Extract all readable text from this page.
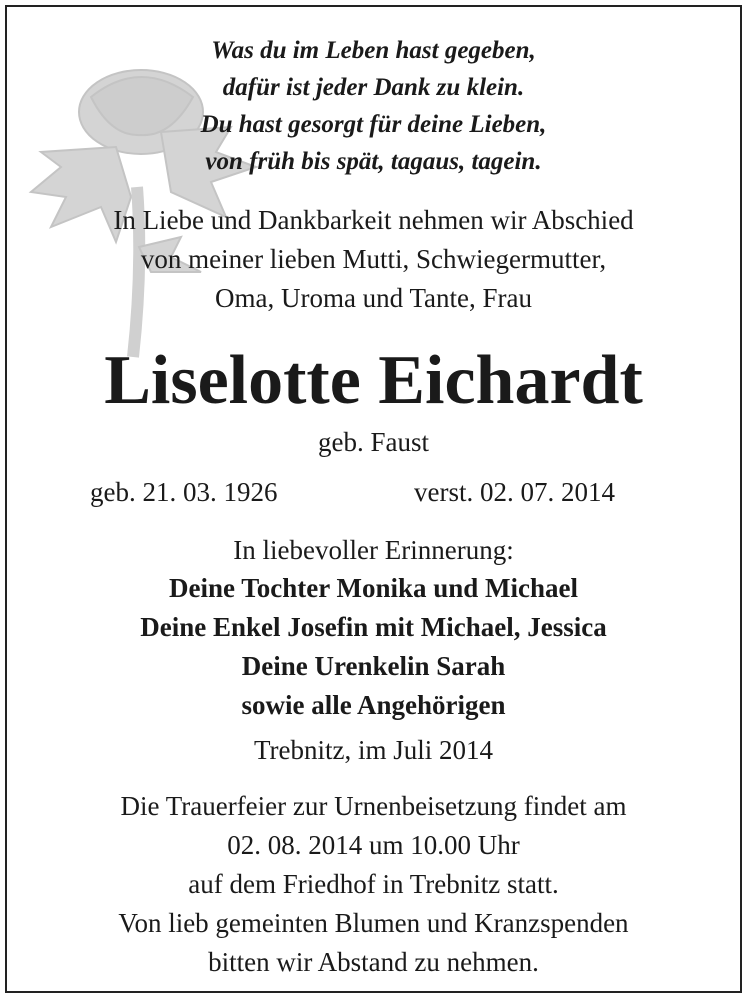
Was du im Leben hast gegeben,
dafür ist jeder Dank zu klein.
Du hast gesorgt für deine Lieben,
von früh bis spät, tagaus, tagein.
In Liebe und Dankbarkeit nehmen wir Abschied
von meiner lieben Mutti, Schwiegermutter,
Oma, Uroma und Tante, Frau
Liselotte Eichardt
geb. Faust
geb. 21. 03. 1926	verst. 02. 07. 2014
In liebevoller Erinnerung:
Deine Tochter Monika und Michael
Deine Enkel Josefin mit Michael, Jessica
Deine Urenkelin Sarah
sowie alle Angehörigen
Trebnitz, im Juli 2014
Die Trauerfeier zur Urnenbeisetzung findet am
02. 08. 2014 um 10.00 Uhr
auf dem Friedhof in Trebnitz statt.
Von lieb gemeinten Blumen und Kranzspenden
bitten wir Abstand zu nehmen.
